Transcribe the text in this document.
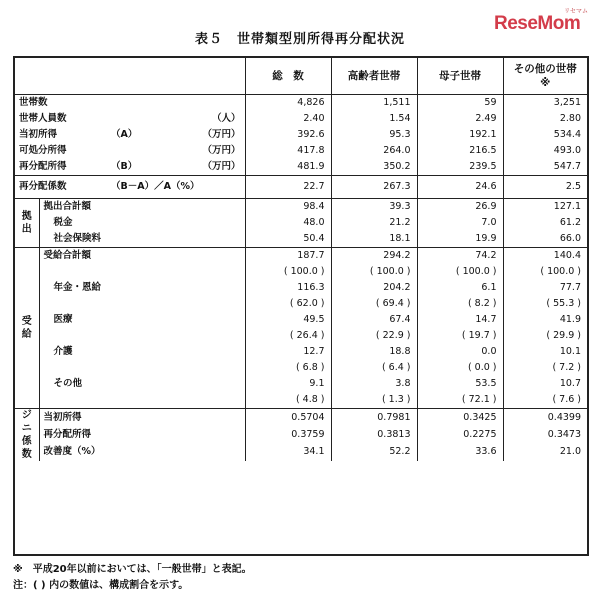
リセマム
ReseMom
表５　世帯類型別所得再分配状況
		総　数	高齢者世帯	母子世帯	その他の世帯
※

世帯数		4,826	1,511	59	3,251
世帯人員数 （人）		2.40	1.54	2.49	2.80
当初所得 （A） （万円）		392.6	95.3	192.1	534.4
可処分所得 （万円）		417.8	264.0	216.5	493.0
再分配所得 （B） （万円）		481.9	350.2	239.5	547.7
再分配係数 （B－A）／A（%）		22.7	267.3	24.6	2.5

拠
出	拠出合計額	98.4	39.3	26.9	127.1
	税金	48.0	21.2	7.0	61.2
	社会保険料	50.4	18.1	19.9	66.0

受
給	受給合計額	187.7	294.2	74.2	140.4
		( 100.0 )	( 100.0 )	( 100.0 )	( 100.0 )
	年金・恩給	116.3	204.2	6.1	77.7
		( 62.0 )	( 69.4 )	( 8.2 )	( 55.3 )
	医療	49.5	67.4	14.7	41.9
		( 26.4 )	( 22.9 )	( 19.7 )	( 29.9 )
	介護	12.7	18.8	0.0	10.1
		( 6.8 )	( 6.4 )	( 0.0 )	( 7.2 )
	その他	9.1	3.8	53.5	10.7
		( 4.8 )	( 1.3 )	( 72.1 )	( 7.6 )

ジ
ニ
係
数	当初所得	0.5704	0.7981	0.3425	0.4399
	再分配所得	0.3759	0.3813	0.2275	0.3473
	改善度（%）	34.1	52.2	33.6	21.0
※　平成20年以前においては、「一般世帯」と表記。
注：( ) 内の数値は、構成割合を示す。
